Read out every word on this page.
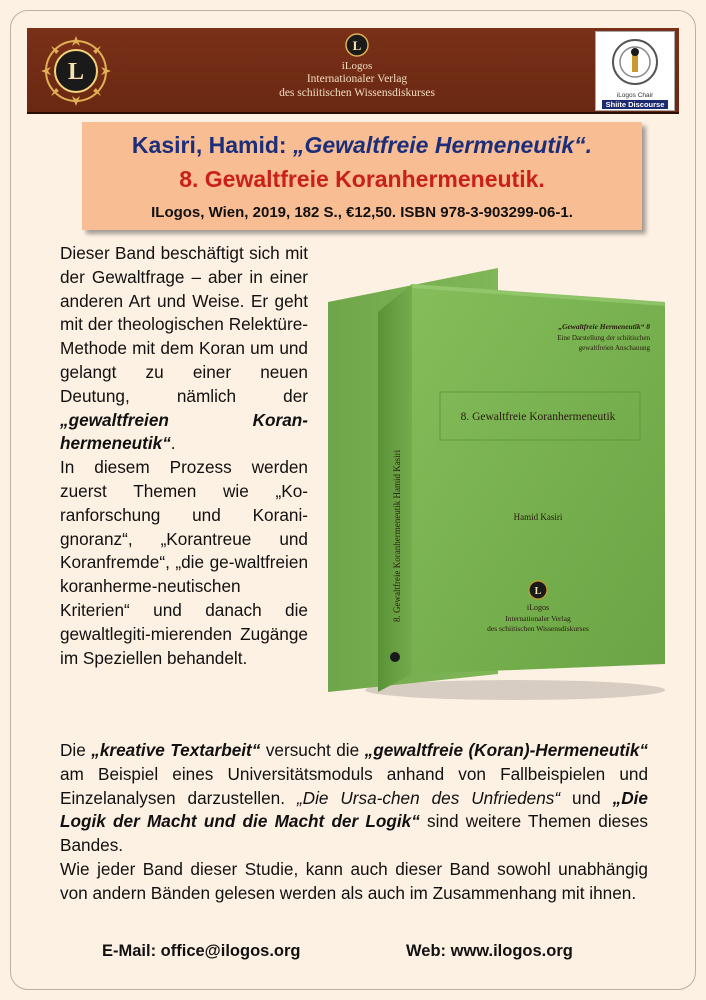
L
L
iLogos
Internationaler Verlag
des schiitischen Wissensdiskurses	iLogos Chair
Shiite Discourse
Kasiri, Hamid: „Gewaltfreie Hermeneutik“.
8. Gewaltfreie Koranhermeneutik.
ILogos, Wien, 2019, 182 S., €12,50. ISBN 978-3-903299-06-1.

Dieser Band beschäftigt sich mit der Gewaltfrage – aber in einer anderen Art und Weise. Er geht mit der theologischen Relektüre-Methode mit dem Koran um und gelangt zu einer neuen Deutung, nämlich der „gewaltfreien Koran-hermeneutik“.

In diesem Prozess werden zuerst Themen wie „Ko-ranforschung und Korani-gnoranz“, „Korantreue und Koranfremde“, „die ge-waltfreien koranherme-neutischen Kriterien“ und danach die gewaltlegiti-mierenden Zugänge im Speziellen behandelt.

„Gewaltfreie Hermeneutik“ 8
Eine Darstellung der schiitischen
gewaltfreien Anschauung
8. Gewaltfreie Koranhermeneutik
Hamid Kasiri
L
iLogos
Internationaler Verlag
des schiitischen Wissensdiskurses
8. Gewaltfreie Koranhermeneutik Hamid Kasiri

Die „kreative Textarbeit“ versucht die „gewaltfreie (Koran)-Hermeneutik“ am Beispiel eines Universitätsmoduls anhand von Fallbeispielen und Einzelanalysen darzustellen. „Die Ursa-chen des Unfriedens“ und „Die Logik der Macht und die Macht der Logik“ sind weitere Themen dieses Bandes.

Wie jeder Band dieser Studie, kann auch dieser Band sowohl unabhängig von andern Bänden gelesen werden als auch im Zusammenhang mit ihnen.

E-Mail: office@ilogos.org	Web: www.ilogos.org
